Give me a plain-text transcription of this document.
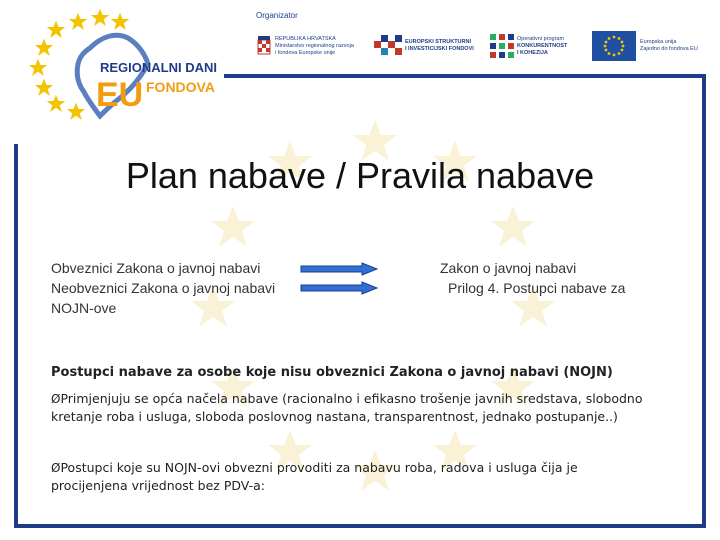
REGIONALNI DANI
EU FONDOVA
Organizator
REPUBLIKA HRVATSKA
Ministarstvo regionalnog razvoja
i fondova Europske unije
EUROPSKI STRUKTURNI
I INVESTICIJSKI FONDOVI
Operativni program
KONKURENTNOST
I KOHEZIJA
Europska unija
Zajedno do fondova EU
Plan nabave / Pravila nabave
Obveznici Zakona o javnoj nabavi
Neobveznici Zakona o javnoj nabavi
NOJN-ove
Zakon o javnoj nabavi
Prilog 4. Postupci nabave za
Postupci nabave za osobe koje nisu obveznici Zakona o javnoj nabavi (NOJN)
ØPrimjenjuju se opća načela nabave (racionalno i efikasno trošenje javnih sredstava, slobodno kretanje roba i usluga, sloboda poslovnog nastana, transparentnost, jednako postupanje..)
ØPostupci koje su NOJN-ovi obvezni provoditi za nabavu roba, radova i usluga čija je procijenjena vrijednost bez PDV-a:
